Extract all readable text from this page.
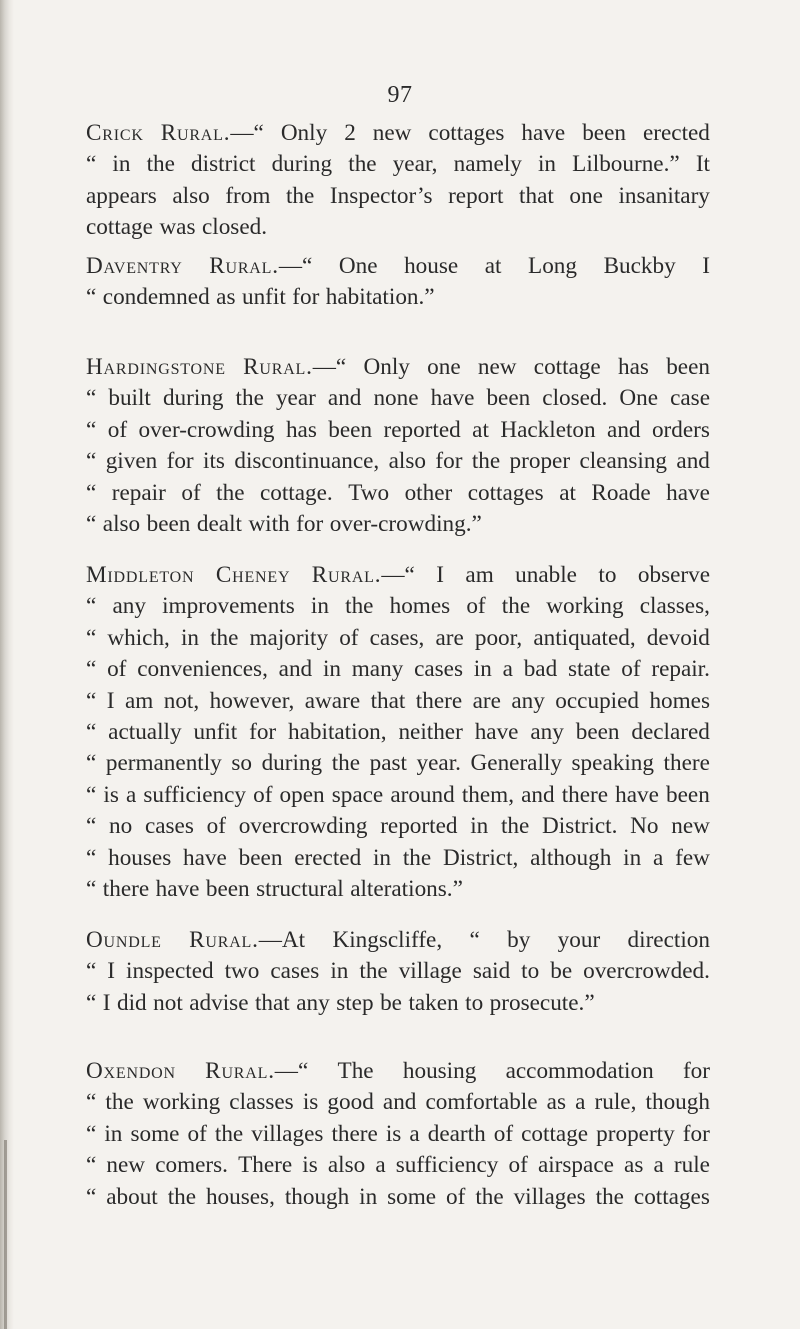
97
Crick Rural.—“ Only 2 new cottages have been erected
“ in the district during the year, namely in Lilbourne.” It
appears also from the Inspector’s report that one insanitary
cottage was closed.
Daventry Rural.—“ One house at Long Buckby I
“ condemned as unfit for habitation.”
Hardingstone Rural.—“ Only one new cottage has been
“ built during the year and none have been closed. One case
“ of over-crowding has been reported at Hackleton and orders
“ given for its discontinuance, also for the proper cleansing and
“ repair of the cottage. Two other cottages at Roade have
“ also been dealt with for over-crowding.”
Middleton Cheney Rural.—“ I am unable to observe
“ any improvements in the homes of the working classes,
“ which, in the majority of cases, are poor, antiquated, devoid
“ of conveniences, and in many cases in a bad state of repair.
“ I am not, however, aware that there are any occupied homes
“ actually unfit for habitation, neither have any been declared
“ permanently so during the past year. Generally speaking there
“ is a sufficiency of open space around them, and there have been
“ no cases of overcrowding reported in the District. No new
“ houses have been erected in the District, although in a few
“ there have been structural alterations.”
Oundle Rural.—At Kingscliffe, “ by your direction
“ I inspected two cases in the village said to be overcrowded.
“ I did not advise that any step be taken to prosecute.”
Oxendon Rural.—“ The housing accommodation for
“ the working classes is good and comfortable as a rule, though
“ in some of the villages there is a dearth of cottage property for
“ new comers. There is also a sufficiency of airspace as a rule
“ about the houses, though in some of the villages the cottages
